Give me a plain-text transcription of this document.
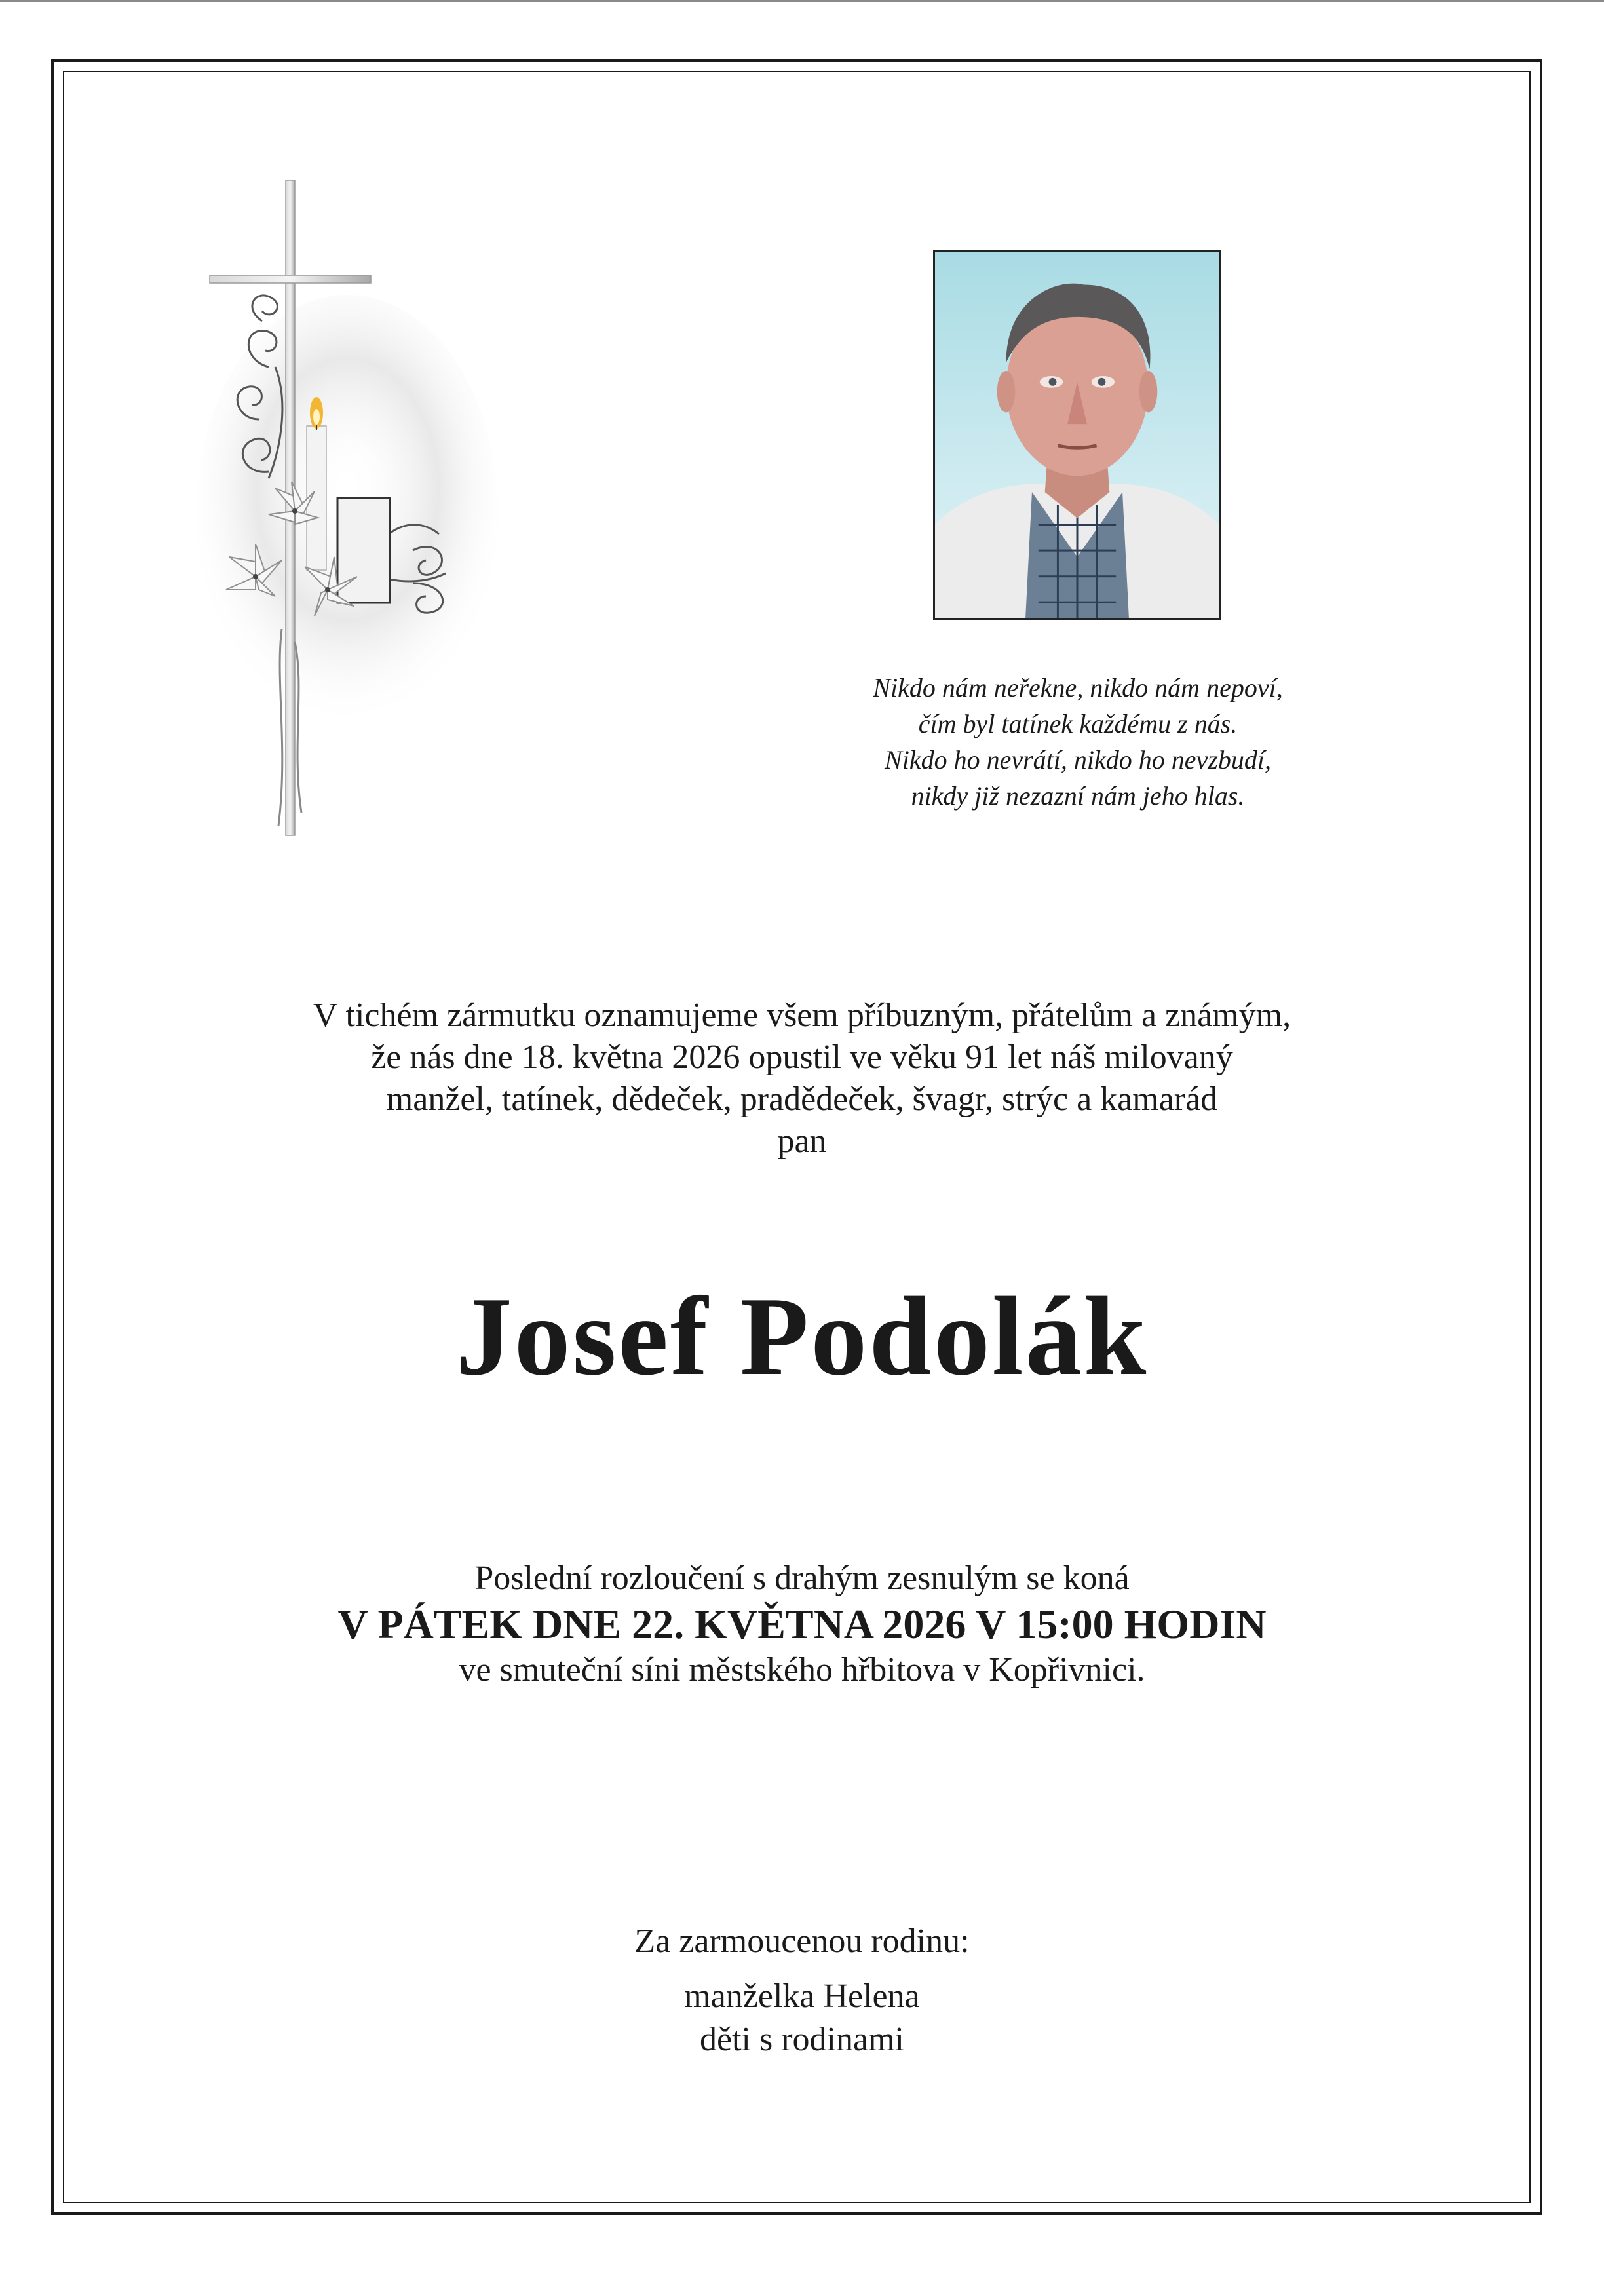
Nikdo nám neřekne, nikdo nám nepoví,
čím byl tatínek každému z nás.
Nikdo ho nevrátí, nikdo ho nevzbudí,
nikdy již nezazní nám jeho hlas.
V tichém zármutku oznamujeme všem příbuzným, přátelům a známým,
že nás dne 18. května 2026 opustil ve věku 91 let náš milovaný
manžel, tatínek, dědeček, pradědeček, švagr, strýc a kamarád
pan
Josef Podolák
Poslední rozloučení s drahým zesnulým se koná
V PÁTEK DNE 22. KVĚTNA 2026 V 15:00 HODIN
ve smuteční síni městského hřbitova v Kopřivnici.
Za zarmoucenou rodinu:
manželka Helena
děti s rodinami
